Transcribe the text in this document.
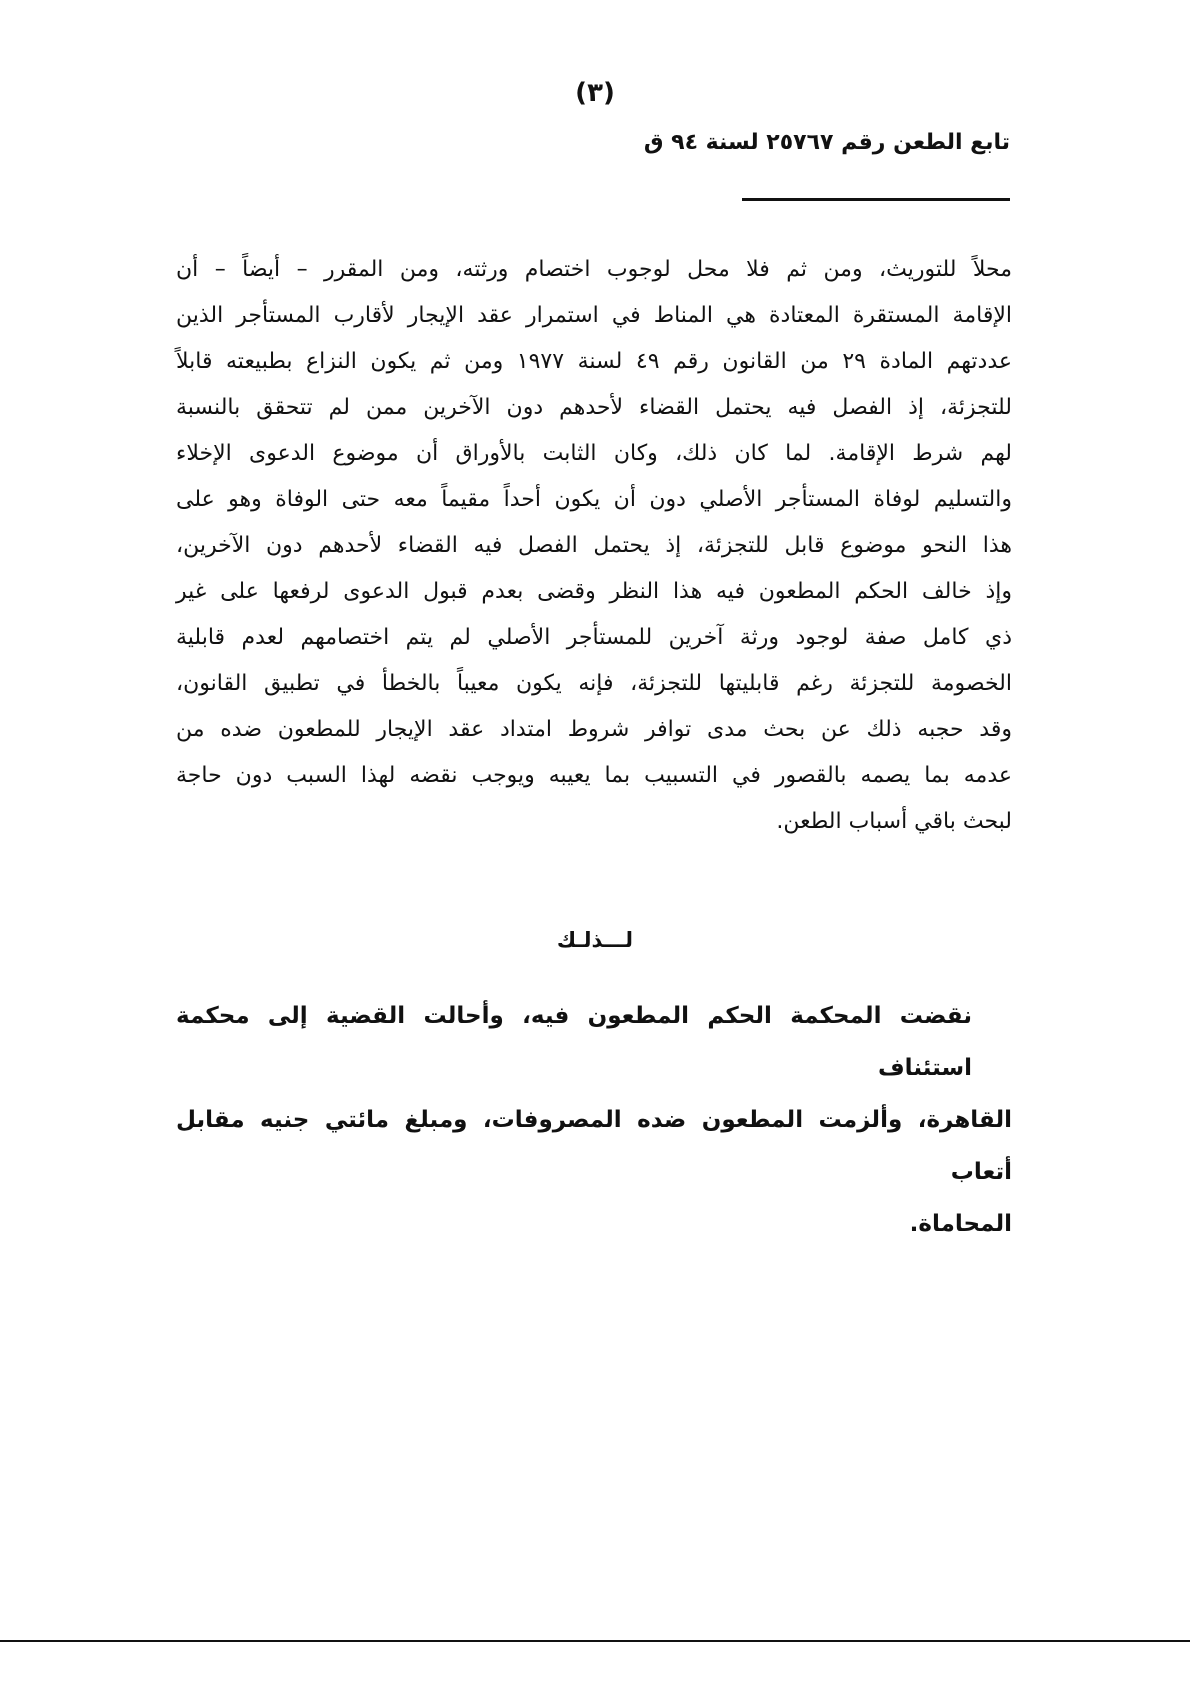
(٣)
تابع الطعن رقم ٢٥٧٦٧ لسنة ٩٤ ق
محلاً للتوريث، ومن ثم فلا محل لوجوب اختصام ورثته، ومن المقرر – أيضاً – أن
الإقامة المستقرة المعتادة هي المناط في استمرار عقد الإيجار لأقارب المستأجر الذين
عددتهم المادة ٢٩ من القانون رقم ٤٩ لسنة ١٩٧٧ ومن ثم يكون النزاع بطبيعته قابلاً
للتجزئة، إذ الفصل فيه يحتمل القضاء لأحدهم دون الآخرين ممن لم تتحقق بالنسبة
لهم شرط الإقامة. لما كان ذلك، وكان الثابت بالأوراق أن موضوع الدعوى الإخلاء
والتسليم لوفاة المستأجر الأصلي دون أن يكون أحداً مقيماً معه حتى الوفاة وهو على
هذا النحو موضوع قابل للتجزئة، إذ يحتمل الفصل فيه القضاء لأحدهم دون الآخرين،
وإذ خالف الحكم المطعون فيه هذا النظر وقضى بعدم قبول الدعوى لرفعها على غير
ذي كامل صفة لوجود ورثة آخرين للمستأجر الأصلي لم يتم اختصامهم لعدم قابلية
الخصومة للتجزئة رغم قابليتها للتجزئة، فإنه يكون معيباً بالخطأ في تطبيق القانون،
وقد حجبه ذلك عن بحث مدى توافر شروط امتداد عقد الإيجار للمطعون ضده من
عدمه بما يصمه بالقصور في التسبيب بما يعيبه ويوجب نقضه لهذا السبب دون حاجة
لبحث باقي أسباب الطعن.
لـــذلـك
نقضت المحكمة الحكم المطعون فيه، وأحالت القضية إلى محكمة استئناف
القاهرة، وألزمت المطعون ضده المصروفات، ومبلغ مائتي جنيه مقابل أتعاب
المحاماة.
